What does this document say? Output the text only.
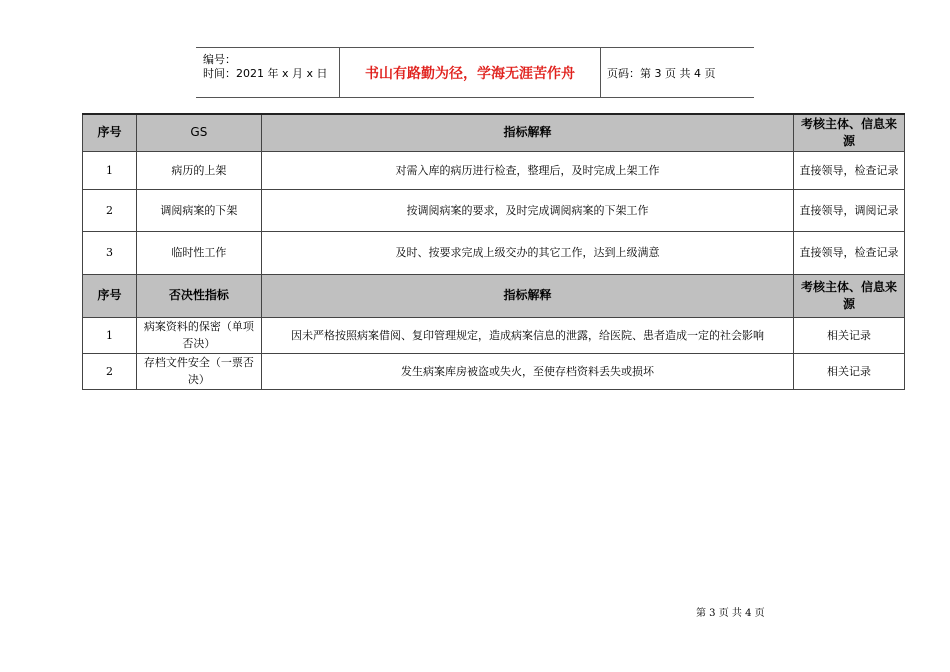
编号：
时间：2021 年 x 月 x 日	书山有路勤为径，学海无涯苦作舟	页码：第 3 页 共 4 页
序号	GS	指标解释	考核主体、信息来源
1	病历的上架	对需入库的病历进行检查，整理后，及时完成上架工作	直接领导，检查记录
2	调阅病案的下架	按调阅病案的要求，及时完成调阅病案的下架工作	直接领导，调阅记录
3	临时性工作	及时、按要求完成上级交办的其它工作，达到上级满意	直接领导，检查记录
序号	否决性指标	指标解释	考核主体、信息来源
1	病案资料的保密（单项否决）	因未严格按照病案借阅、复印管理规定，造成病案信息的泄露，给医院、患者造成一定的社会影响	相关记录
2	存档文件安全（一票否决）	发生病案库房被盗或失火，至使存档资料丢失或损坏	相关记录
第 3 页 共 4 页
